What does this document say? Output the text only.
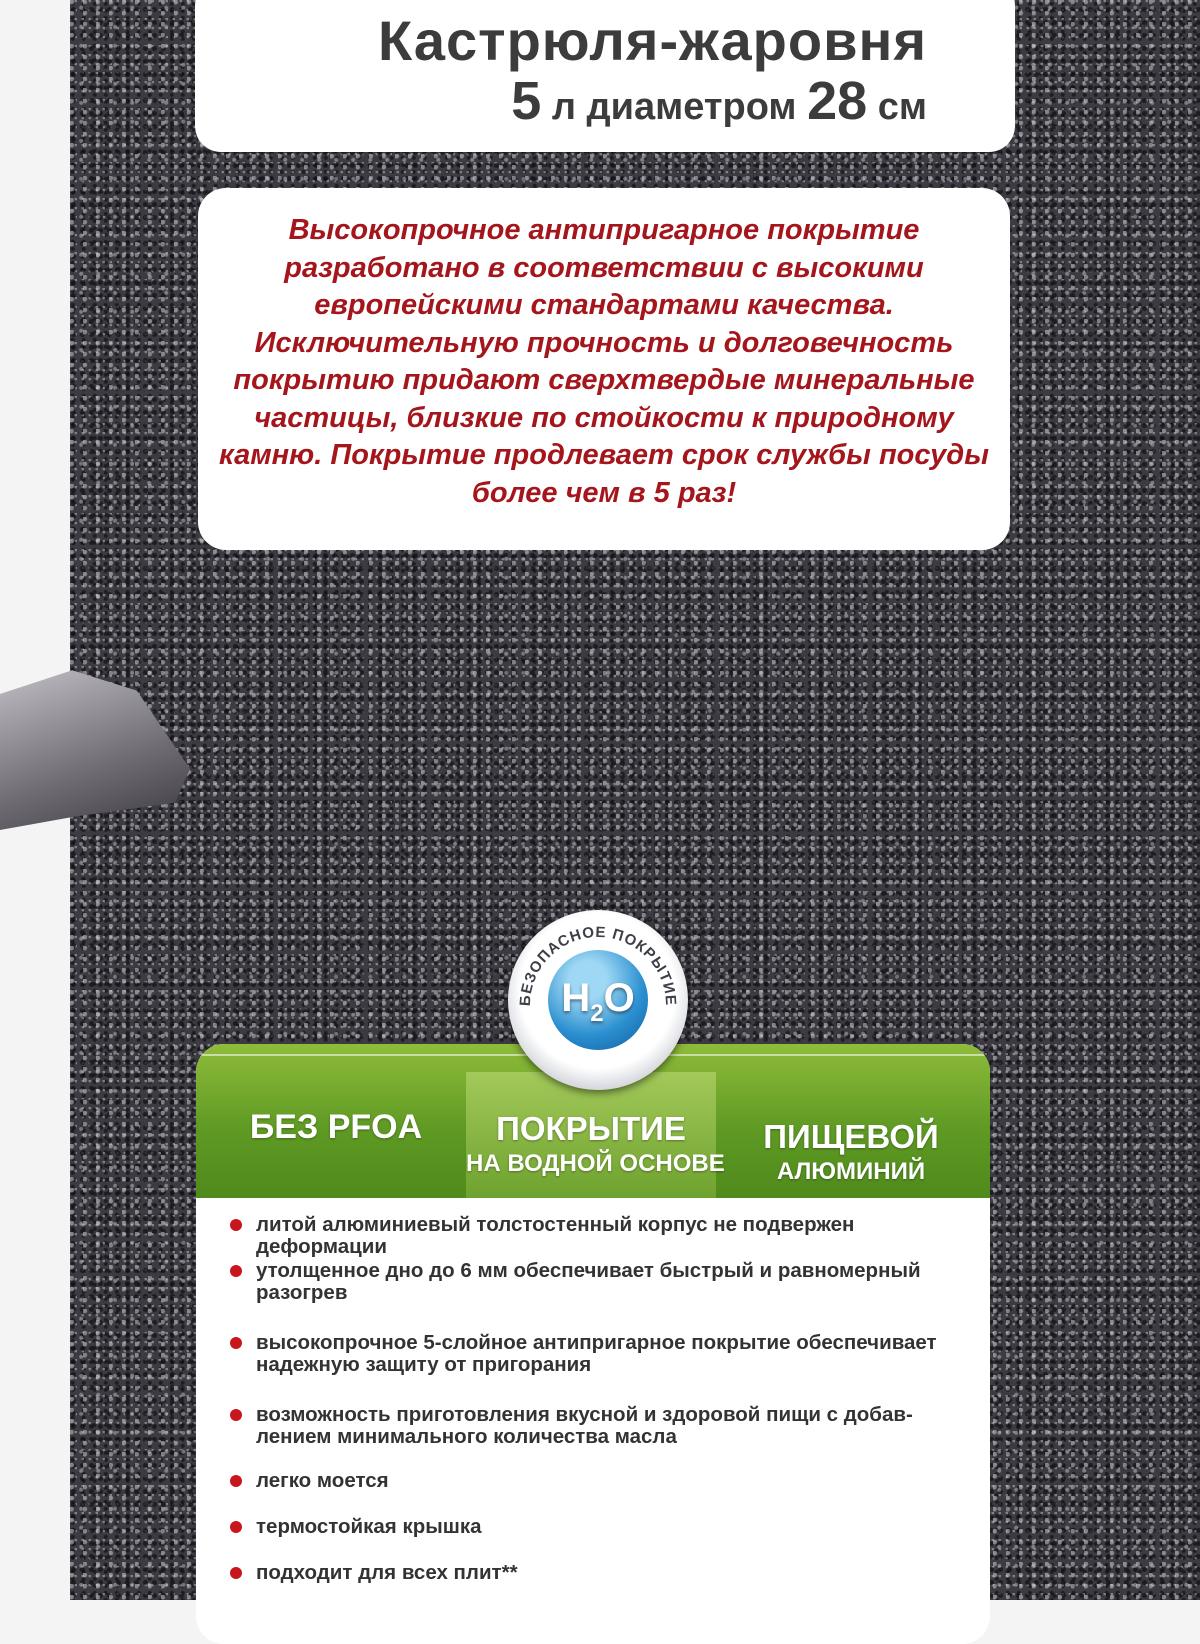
Кастрюля-жаровня

5 л диаметром 28 см

Высокопрочное антипригарное покрытие разработано в соответствии с высокими европейскими стандартами качества. Исключительную прочность и долговечность покрытию придают сверхтвердые минеральные частицы, близкие по стойкости к природному камню. Покрытие продлевает срок службы посуды более чем в 5 раз!

БЕЗ PFOA	ПОКРЫТИЕ

НА ВОДНОЙ ОСНОВЕ

ПИЩЕВОЙ

АЛЮМИНИЙ

литой алюминиевый толстостенный корпус не подвержен деформации
утолщенное дно до 6 мм обеспечивает быстрый и равномерный разогрев
высокопрочное 5-слойное антипригарное покрытие обеспечивает надежную защиту от пригорания
возможность приготовления вкусной и здоровой пищи с добав-лением минимального количества масла
легко моется
термостойкая крышка
подходит для всех плит**
БЕЗОПАСНОЕ ПОКРЫТИЕ
$H_2O$
